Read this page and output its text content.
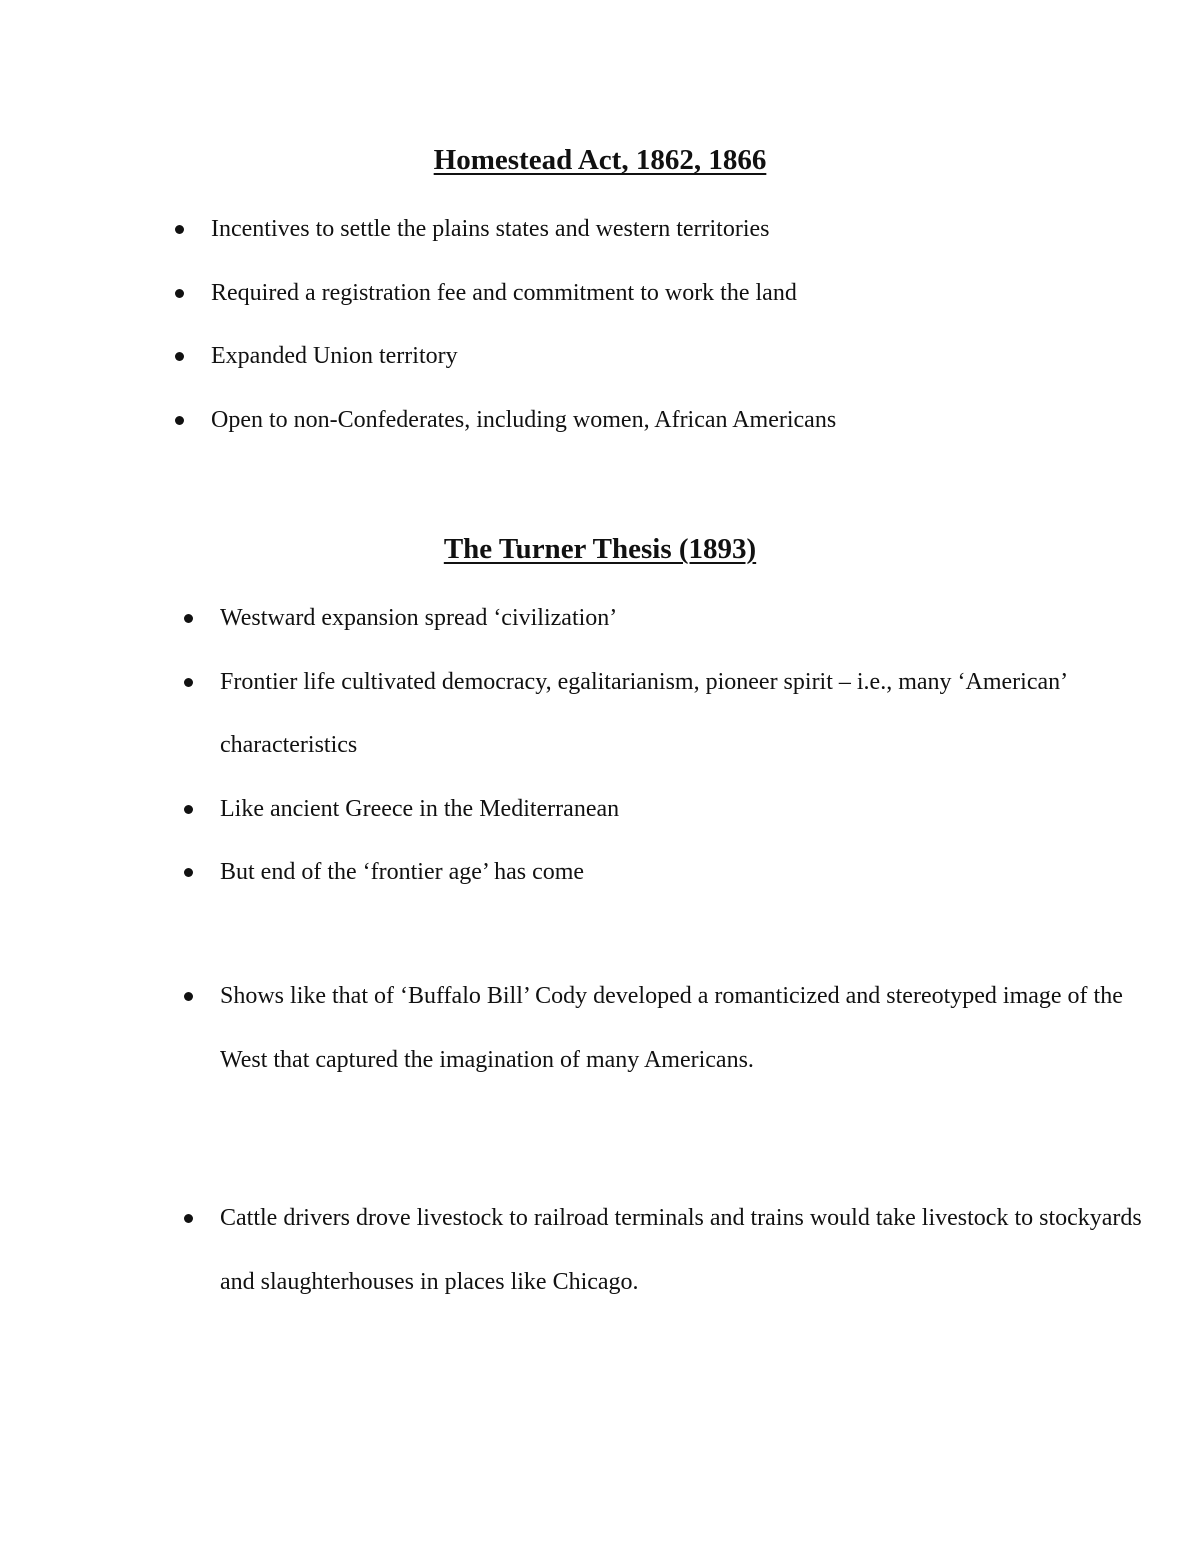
Homestead Act, 1862, 1866
Incentives to settle the plains states and western territories
Required a registration fee and commitment to work the land
Expanded Union territory
Open to non-Confederates, including women, African Americans
The Turner Thesis (1893)
Westward expansion spread ‘civilization’
Frontier life cultivated democracy, egalitarianism, pioneer spirit – i.e., many ‘American’ characteristics
Like ancient Greece in the Mediterranean
But end of the ‘frontier age’ has come
Shows like that of ‘Buffalo Bill’ Cody developed a romanticized and stereotyped image of the West that captured the imagination of many Americans.
Cattle drivers drove livestock to railroad terminals and trains would take livestock to stockyards and slaughterhouses in places like Chicago.
